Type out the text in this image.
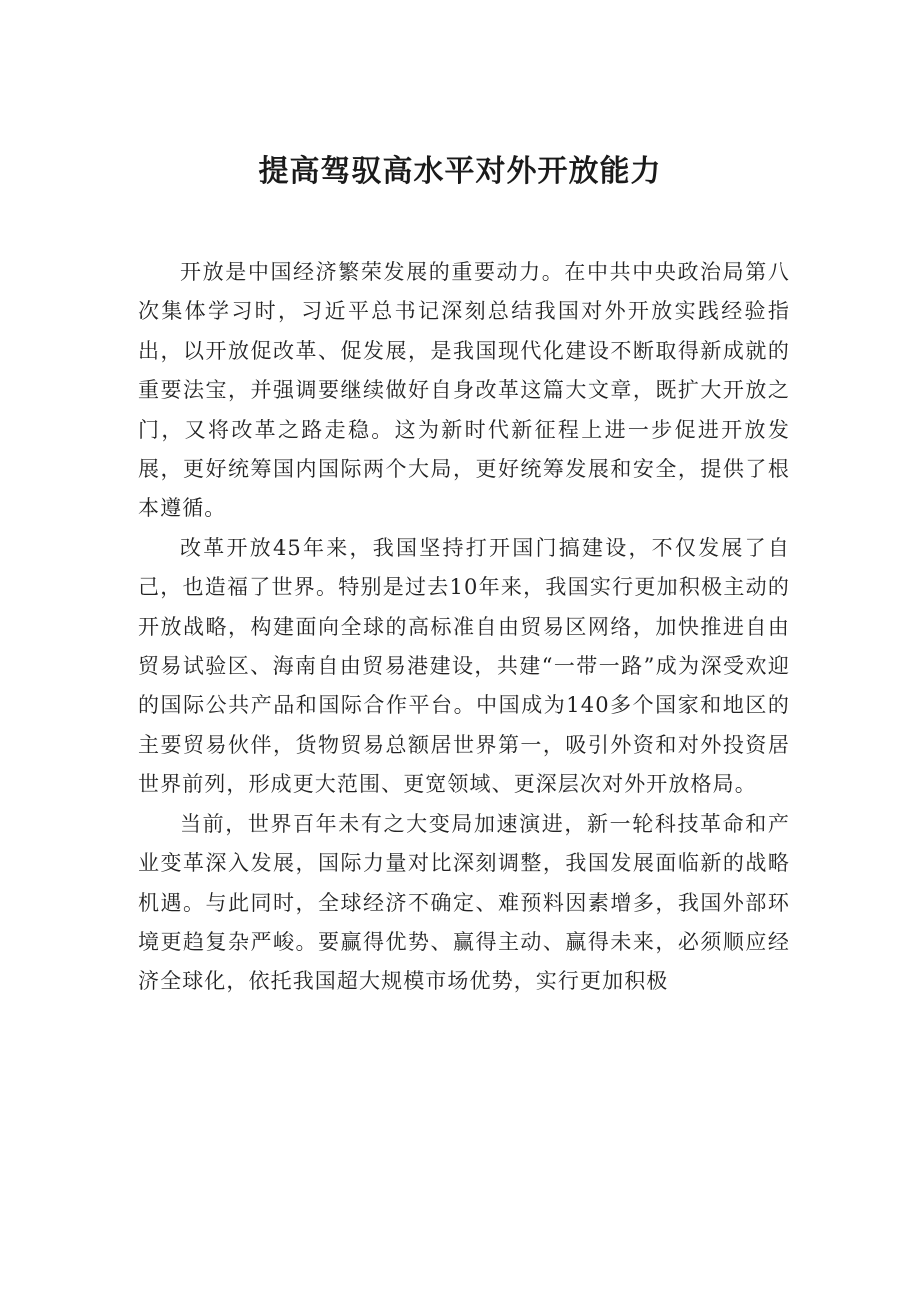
提高驾驭高水平对外开放能力

开放是中国经济繁荣发展的重要动力。在中共中央政治局第八次集体学习时，习近平总书记深刻总结我国对外开放实践经验指出，以开放促改革、促发展，是我国现代化建设不断取得新成就的重要法宝，并强调要继续做好自身改革这篇大文章，既扩大开放之门，又将改革之路走稳。这为新时代新征程上进一步促进开放发展，更好统筹国内国际两个大局，更好统筹发展和安全，提供了根本遵循。

改革开放45年来，我国坚持打开国门搞建设，不仅发展了自己，也造福了世界。特别是过去10年来，我国实行更加积极主动的开放战略，构建面向全球的高标准自由贸易区网络，加快推进自由贸易试验区、海南自由贸易港建设，共建“一带一路”成为深受欢迎的国际公共产品和国际合作平台。中国成为140多个国家和地区的主要贸易伙伴，货物贸易总额居世界第一，吸引外资和对外投资居世界前列，形成更大范围、更宽领域、更深层次对外开放格局。

当前，世界百年未有之大变局加速演进，新一轮科技革命和产业变革深入发展，国际力量对比深刻调整，我国发展面临新的战略机遇。与此同时，全球经济不确定、难预料因素增多，我国外部环境更趋复杂严峻。要赢得优势、赢得主动、赢得未来，必须顺应经济全球化，依托我国超大规模市场优势，实行更加积极
